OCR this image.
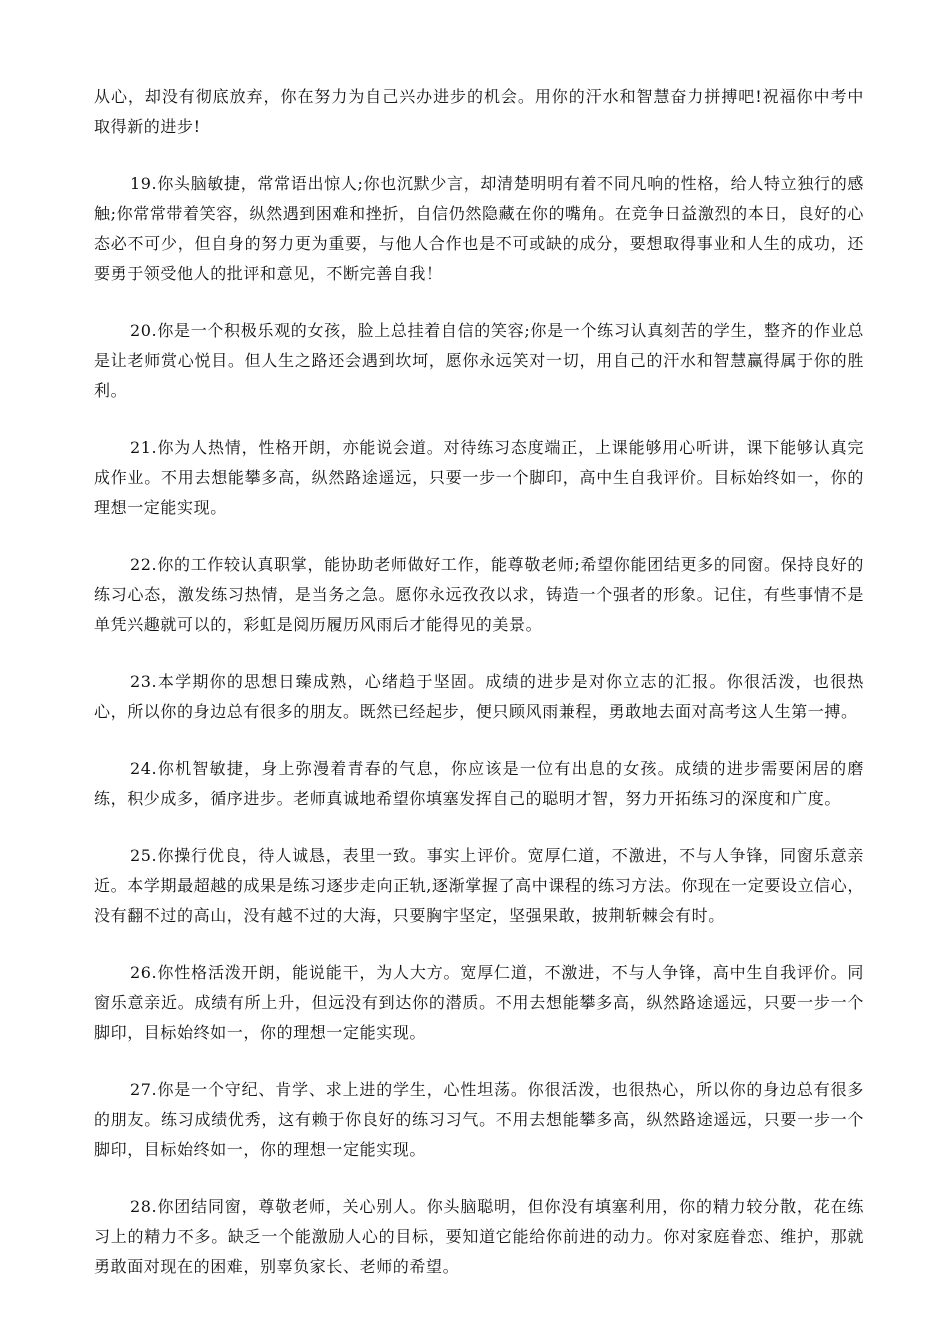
从心，却没有彻底放弃，你在努力为自己兴办进步的机会。用你的汗水和智慧奋力拼搏吧!祝福你中考中取得新的进步!

19.你头脑敏捷，常常语出惊人;你也沉默少言，却清楚明明有着不同凡响的性格，给人特立独行的感触;你常常带着笑容，纵然遇到困难和挫折，自信仍然隐藏在你的嘴角。在竞争日益激烈的本日，良好的心态必不可少，但自身的努力更为重要，与他人合作也是不可或缺的成分，要想取得事业和人生的成功，还要勇于领受他人的批评和意见，不断完善自我！

20.你是一个积极乐观的女孩，脸上总挂着自信的笑容;你是一个练习认真刻苦的学生，整齐的作业总是让老师赏心悦目。但人生之路还会遇到坎坷，愿你永远笑对一切，用自己的汗水和智慧赢得属于你的胜利。

21.你为人热情，性格开朗，亦能说会道。对待练习态度端正，上课能够用心听讲，课下能够认真完成作业。不用去想能攀多高，纵然路途遥远，只要一步一个脚印，高中生自我评价。目标始终如一，你的理想一定能实现。

22.你的工作较认真职掌，能协助老师做好工作，能尊敬老师;希望你能团结更多的同窗。保持良好的练习心态，激发练习热情，是当务之急。愿你永远孜孜以求，铸造一个强者的形象。记住，有些事情不是单凭兴趣就可以的，彩虹是阅历履历风雨后才能得见的美景。

23.本学期你的思想日臻成熟，心绪趋于坚固。成绩的进步是对你立志的汇报。你很活泼，也很热心，所以你的身边总有很多的朋友。既然已经起步，便只顾风雨兼程，勇敢地去面对高考这人生第一搏。

24.你机智敏捷，身上弥漫着青春的气息，你应该是一位有出息的女孩。成绩的进步需要闲居的磨练，积少成多，循序进步。老师真诚地希望你填塞发挥自己的聪明才智，努力开拓练习的深度和广度。

25.你操行优良，待人诚恳，表里一致。事实上评价。宽厚仁道，不激进，不与人争锋，同窗乐意亲近。本学期最超越的成果是练习逐步走向正轨,逐渐掌握了高中课程的练习方法。你现在一定要设立信心，没有翻不过的高山，没有越不过的大海，只要胸宇坚定，坚强果敢，披荆斩棘会有时。

26.你性格活泼开朗，能说能干，为人大方。宽厚仁道，不激进，不与人争锋，高中生自我评价。同窗乐意亲近。成绩有所上升，但远没有到达你的潜质。不用去想能攀多高，纵然路途遥远，只要一步一个脚印，目标始终如一，你的理想一定能实现。

27.你是一个守纪、肯学、求上进的学生，心性坦荡。你很活泼，也很热心，所以你的身边总有很多的朋友。练习成绩优秀，这有赖于你良好的练习习气。不用去想能攀多高，纵然路途遥远，只要一步一个脚印，目标始终如一，你的理想一定能实现。

28.你团结同窗，尊敬老师，关心别人。你头脑聪明，但你没有填塞利用，你的精力较分散，花在练习上的精力不多。缺乏一个能激励人心的目标，要知道它能给你前进的动力。你对家庭眷恋、维护，那就勇敢面对现在的困难，别辜负家长、老师的希望。
